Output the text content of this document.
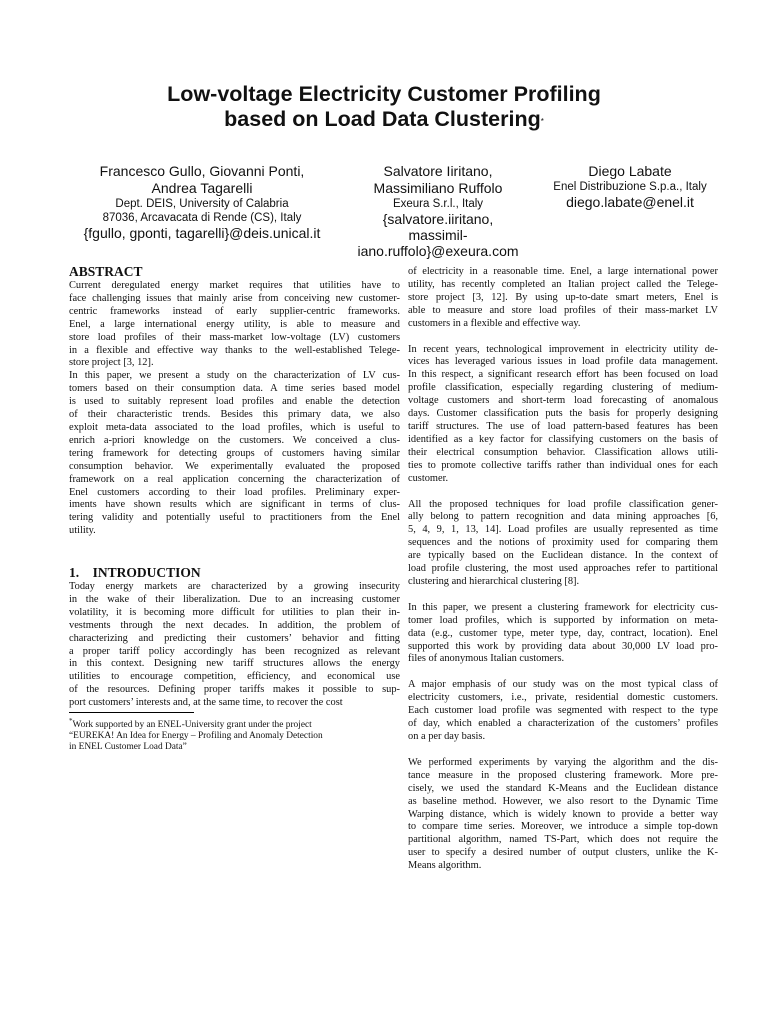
Low-voltage Electricity Customer Profiling
based on Load Data Clustering*
Francesco Gullo, Giovanni Ponti,
Andrea Tagarelli
Dept. DEIS, University of Calabria
87036, Arcavacata di Rende (CS), Italy
{fgullo, gponti, tagarelli}@deis.unical.it
Salvatore Iiritano,
Massimiliano Ruffolo
Exeura S.r.l., Italy
{salvatore.iiritano,
massimil-
iano.ruffolo}@exeura.com
Diego Labate
Enel Distribuzione S.p.a., Italy
diego.labate@enel.it
ABSTRACT

Current deregulated energy market requires that utilities have to
face challenging issues that mainly arise from conceiving new customer-
centric frameworks instead of early supplier-centric frameworks.
Enel, a large international energy utility, is able to measure and
store load profiles of their mass-market low-voltage (LV) customers
in a flexible and effective way thanks to the well-established Telege-
store project [3, 12].
In this paper, we present a study on the characterization of LV cus-
tomers based on their consumption data. A time series based model
is used to suitably represent load profiles and enable the detection
of their characteristic trends. Besides this primary data, we also
exploit meta-data associated to the load profiles, which is useful to
enrich a-priori knowledge on the customers. We conceived a clus-
tering framework for detecting groups of customers having similar
consumption behavior. We experimentally evaluated the proposed
framework on a real application concerning the characterization of
Enel customers according to their load profiles. Preliminary exper-
iments have shown results which are significant in terms of clus-
tering validity and potentially useful to practitioners from the Enel
utility.

1.    INTRODUCTION

Today energy markets are characterized by a growing insecurity
in the wake of their liberalization. Due to an increasing customer
volatility, it is becoming more difficult for utilities to plan their in-
vestments through the next decades. In addition, the problem of
characterizing and predicting their customers’ behavior and fitting
a proper tariff policy accordingly has been recognized as relevant
in this context. Designing new tariff structures allows the energy
utilities to encourage competition, efficiency, and economical use
of the resources. Defining proper tariffs makes it possible to sup-
port customers’ interests and, at the same time, to recover the cost

*Work supported by an ENEL-University grant under the project
“EUREKA! An Idea for Energy – Profiling and Anomaly Detection
in ENEL Customer Load Data”

of electricity in a reasonable time. Enel, a large international power
utility, has recently completed an Italian project called the Telege-
store project [3, 12]. By using up-to-date smart meters, Enel is
able to measure and store load profiles of their mass-market LV
customers in a flexible and effective way.

In recent years, technological improvement in electricity utility de-
vices has leveraged various issues in load profile data management.
In this respect, a significant research effort has been focused on load
profile classification, especially regarding clustering of medium-
voltage customers and short-term load forecasting of anomalous
days. Customer classification puts the basis for properly designing
tariff structures. The use of load pattern-based features has been
identified as a key factor for classifying customers on the basis of
their electrical consumption behavior. Classification allows utili-
ties to promote collective tariffs rather than individual ones for each
customer.

All the proposed techniques for load profile classification gener-
ally belong to pattern recognition and data mining approaches [6,
5, 4, 9, 1, 13, 14]. Load profiles are usually represented as time
sequences and the notions of proximity used for comparing them
are typically based on the Euclidean distance. In the context of
load profile clustering, the most used approaches refer to partitional
clustering and hierarchical clustering [8].

In this paper, we present a clustering framework for electricity cus-
tomer load profiles, which is supported by information on meta-
data (e.g., customer type, meter type, day, contract, location). Enel
supported this work by providing data about 30,000 LV load pro-
files of anonymous Italian customers.

A major emphasis of our study was on the most typical class of
electricity customers, i.e., private, residential domestic customers.
Each customer load profile was segmented with respect to the type
of day, which enabled a characterization of the customers’ profiles
on a per day basis.

We performed experiments by varying the algorithm and the dis-
tance measure in the proposed clustering framework. More pre-
cisely, we used the standard K-Means and the Euclidean distance
as baseline method. However, we also resort to the Dynamic Time
Warping distance, which is widely known to provide a better way
to compare time series. Moreover, we introduce a simple top-down
partitional algorithm, named TS-Part, which does not require the
user to specify a desired number of output clusters, unlike the K-
Means algorithm.
